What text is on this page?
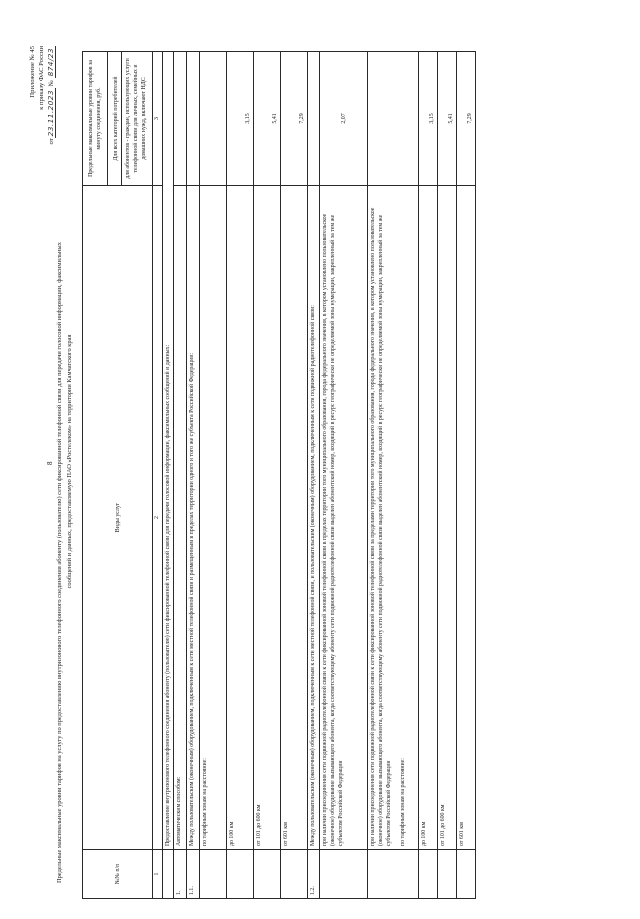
Приложение № 45 к приказу ФАС России
от23.11.2023 № 874/23
8 Предельные максимальные уровни тарифов на услугу по предоставлению внутризонового телефонного соединения абоненту (пользователю) сети фиксированной телефонной связи для передачи голосовой информации, факсимильных сообщений и данных, предоставляемую ПАО «Ростелеком» на территории Камчатского края
№№ п/п	Виды услуг	Предельные максимальные уровни тарифов за минуту соединения, руб.

		Для всех категорий потребителей для абонентов - граждан, использующих услуги телефонной связи для личных, семейных и домашних нужд, включают НДС
1	2	3
	Предоставление внутризонового телефонного соединения абоненту (пользователю) сети фиксированной телефонной связи для передачи голосовой информации, факсимильных сообщений и данных:	
1.	Автоматическим способом:	
1.1.	Между пользовательским (оконечным) оборудованием, подключенным к сети местной телефонной связи и размещенным в пределах территории одного и того же субъекта Российской Федерации:	
	по тарифным зонам на расстояние:	
	до 100 км	3,15
	от 101 до 600 км	5,41
	от 601 км	7,29
1.2.	Между пользовательским (оконечным) оборудованием, подключенным к сети местной телефонной связи, и пользовательским (оконечным) оборудованием, подключенным к сети подвижной радиотелефонной связи:	
	при наличии присоединения сети подвижной радиотелефонной связи к сети фиксированной зоновой телефонной связи в пределах территории того муниципального образования, города федерального значения, в котором установлено пользовательское (оконечное) оборудование вызывающего абонента, когда соответствующему абоненту сети подвижной радиотелефонной связи выделен абонентский номер, входящий в ресурс географически не определяемой зоны нумерации, закрепленный за тем же субъектом Российской Федерации	2,07

	при наличии присоединения сети подвижной радиотелефонной связи к сети фиксированной зоновой телефонной связи за пределами территории того муниципального образования, города федерального значения, в котором установлено пользовательское (оконечное) оборудование вызывающего абонента, когда соответствующему абоненту сети подвижной радиотелефонной связи выделен абонентский номер, входящий в ресурс географически не определяемой зоны нумерации, закрепленный за тем же субъектом Российской Федерации по тарифным зонам на расстояние:	

	до 100 км	3,15
	от 101 до 600 км	5,41
	от 601 км	7,29
